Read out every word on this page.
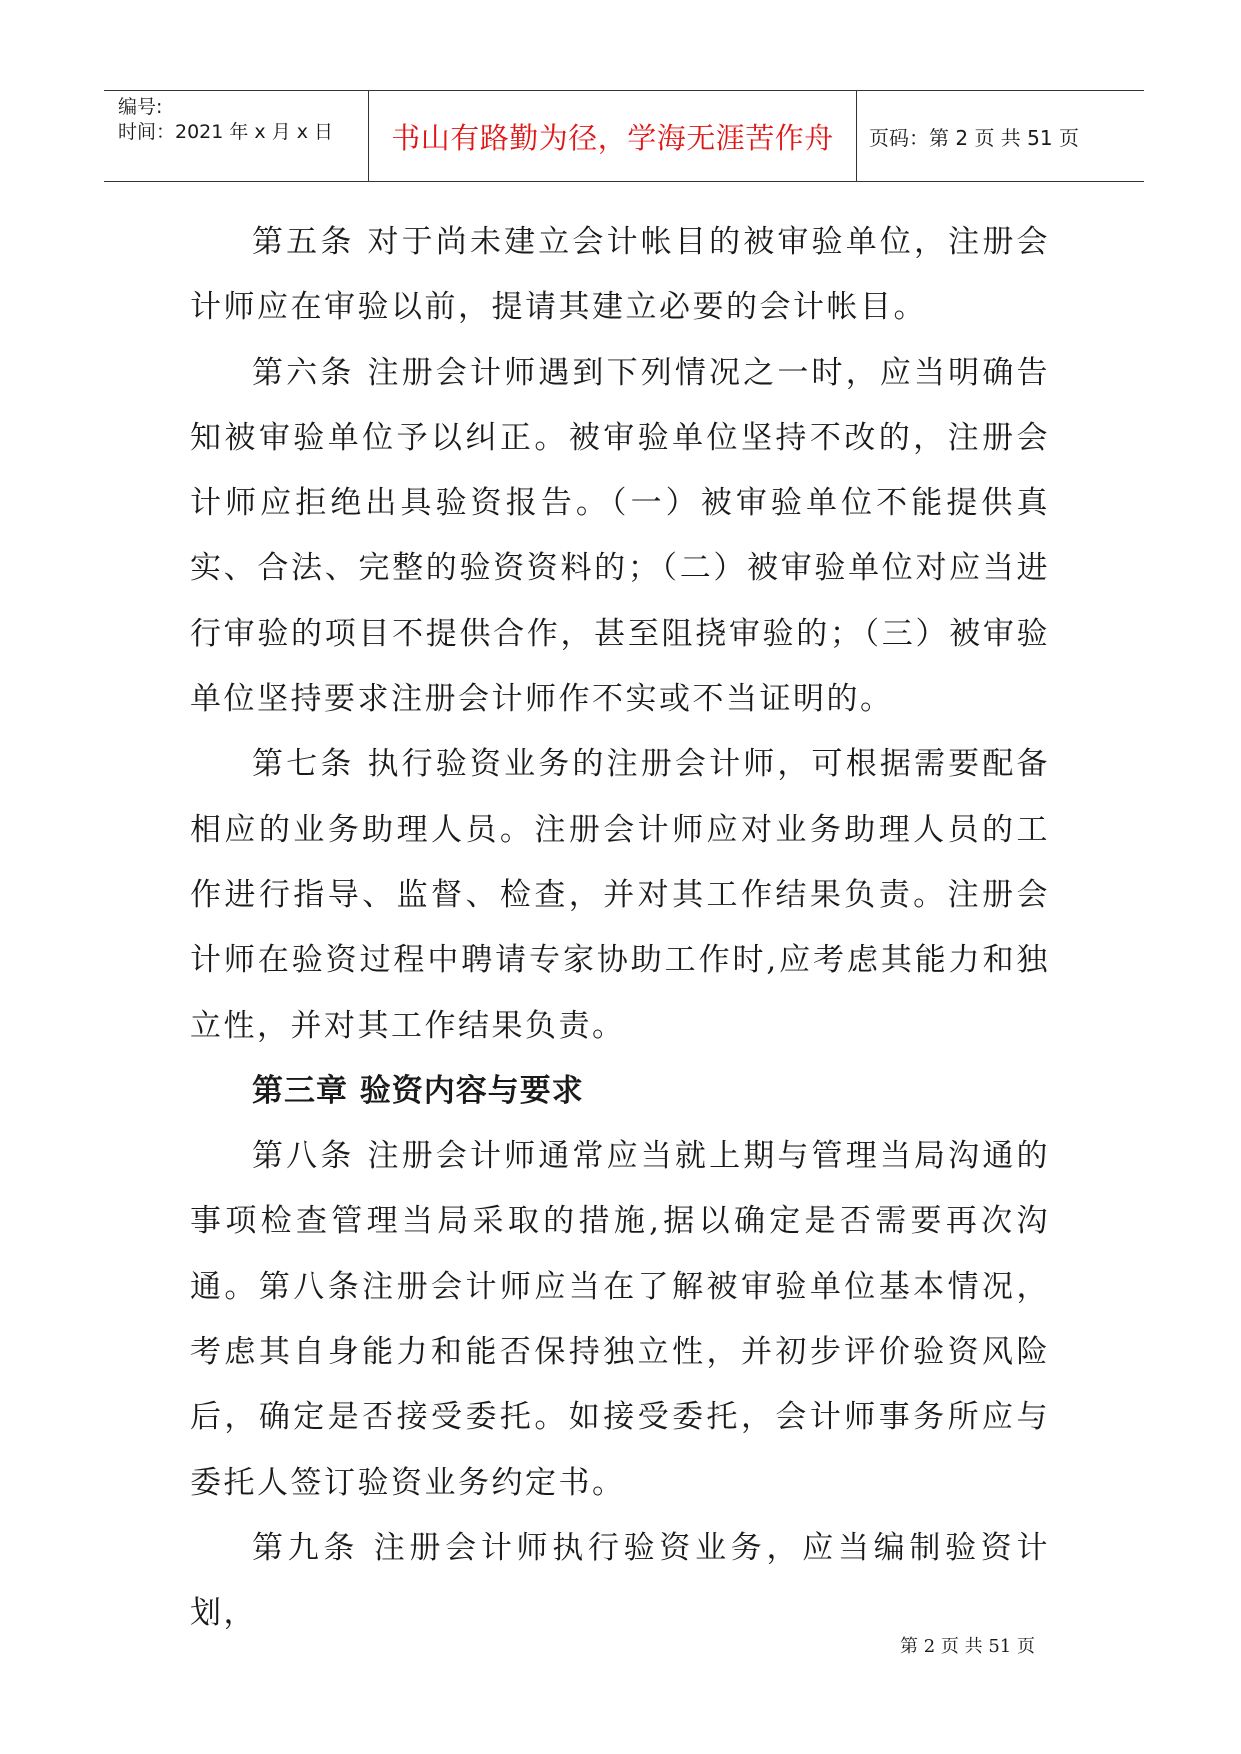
编号:
时间：2021 年 x 月 x 日 书山有路勤为径，学海无涯苦作舟 页码：第 2 页 共 51 页

第五条 对于尚未建立会计帐目的被审验单位，注册会计师应在审验以前，提请其建立必要的会计帐目。

第六条 注册会计师遇到下列情况之一时，应当明确告知被审验单位予以纠正。被审验单位坚持不改的，注册会计师应拒绝出具验资报告。（一）被审验单位不能提供真实、合法、完整的验资资料的；（二）被审验单位对应当进行审验的项目不提供合作，甚至阻挠审验的；（三）被审验单位坚持要求注册会计师作不实或不当证明的。

第七条 执行验资业务的注册会计师，可根据需要配备相应的业务助理人员。注册会计师应对业务助理人员的工作进行指导、监督、检查，并对其工作结果负责。注册会计师在验资过程中聘请专家协助工作时,应考虑其能力和独立性，并对其工作结果负责。

第三章 验资内容与要求

第八条 注册会计师通常应当就上期与管理当局沟通的事项检查管理当局采取的措施,据以确定是否需要再次沟通。第八条注册会计师应当在了解被审验单位基本情况，考虑其自身能力和能否保持独立性，并初步评价验资风险后，确定是否接受委托。如接受委托，会计师事务所应与委托人签订验资业务约定书。

第九条 注册会计师执行验资业务，应当编制验资计划，

第 2 页 共 51 页
